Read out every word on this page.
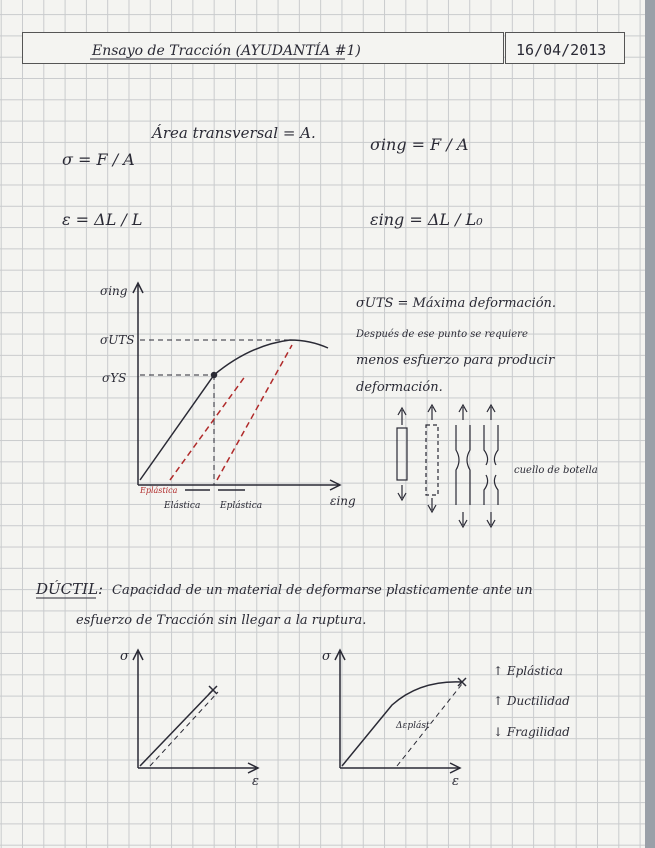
Ensayo de Tracción (AYUDANTÍA #1)	16/04/2013
σ = F / A
Área transversal = A.
ε = ΔL / L
σing = F / A
εing = ΔL / L₀
σing
εing
σUTS
σYS
Eplástica
Elástica Eplástica
σUTS = Máxima deformación.
Después de ese punto se requiere
menos esfuerzo para producir
deformación.
cuello de botella
DÚCTIL: Capacidad de un material de deformarse plasticamente ante un
esfuerzo de Tracción sin llegar a la ruptura.
σ
ε
σ
ε
Δεplást
↑ Eplástica
↑ Ductilidad
↓ Fragilidad
